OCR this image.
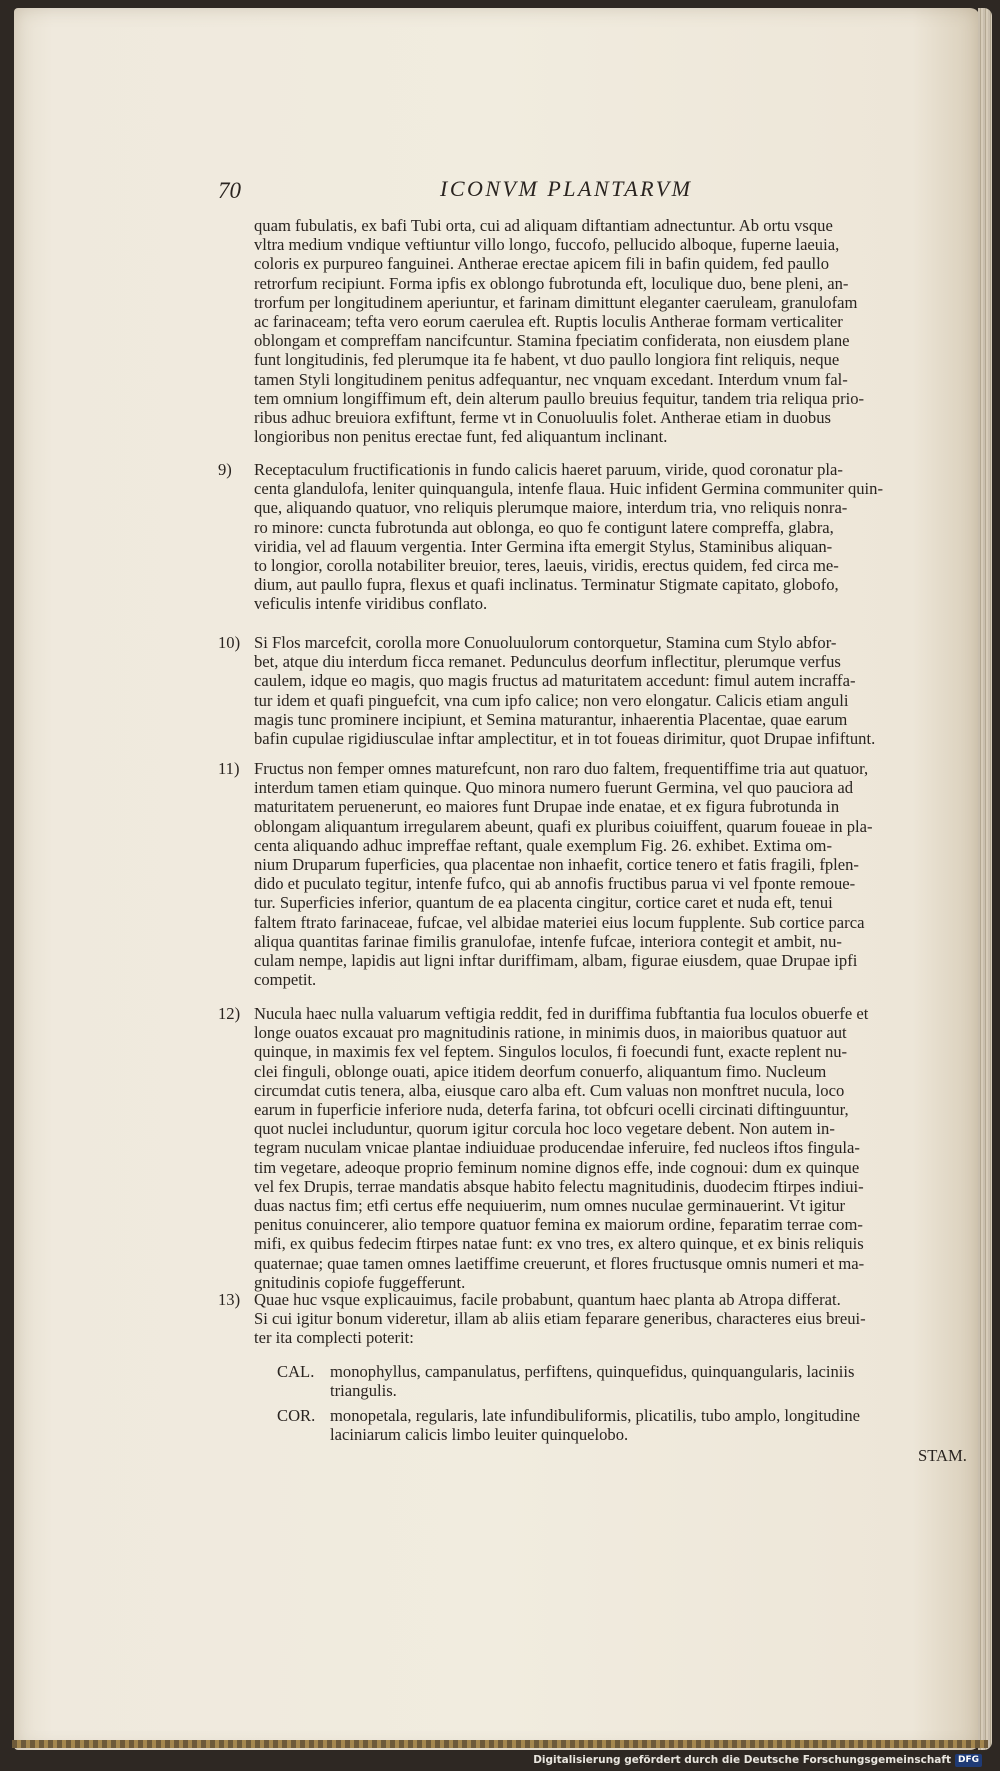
70	ICONVM PLANTARVM
quam fubulatis, ex bafi Tubi orta, cui ad aliquam diftantiam adnectuntur. Ab ortu vsque
vltra medium vndique veftiuntur villo longo, fuccofo, pellucido alboque, fuperne laeuia,
coloris ex purpureo fanguinei. Antherae erectae apicem fili in bafin quidem, fed paullo
retrorfum recipiunt. Forma ipfis ex oblongo fubrotunda eft, loculique duo, bene pleni, an-
trorfum per longitudinem aperiuntur, et farinam dimittunt eleganter caeruleam, granulofam
ac farinaceam; tefta vero eorum caerulea eft. Ruptis loculis Antherae formam verticaliter
oblongam et compreffam nancifcuntur. Stamina fpeciatim confiderata, non eiusdem plane
funt longitudinis, fed plerumque ita fe habent, vt duo paullo longiora fint reliquis, neque
tamen Styli longitudinem penitus adfequantur, nec vnquam excedant. Interdum vnum fal-
tem omnium longiffimum eft, dein alterum paullo breuius fequitur, tandem tria reliqua prio-
ribus adhuc breuiora exfiftunt, ferme vt in Conuoluulis folet. Antherae etiam in duobus
longioribus non penitus erectae funt, fed aliquantum inclinant.
9) Receptaculum fructificationis in fundo calicis haeret paruum, viride, quod coronatur pla-
centa glandulofa, leniter quinquangula, intenfe flaua. Huic infident Germina communiter quin-
que, aliquando quatuor, vno reliquis plerumque maiore, interdum tria, vno reliquis nonra-
ro minore: cuncta fubrotunda aut oblonga, eo quo fe contigunt latere compreffa, glabra,
viridia, vel ad flauum vergentia. Inter Germina ifta emergit Stylus, Staminibus aliquan-
to longior, corolla notabiliter breuior, teres, laeuis, viridis, erectus quidem, fed circa me-
dium, aut paullo fupra, flexus et quafi inclinatus. Terminatur Stigmate capitato, globofo,
veficulis intenfe viridibus conflato.
10) Si Flos marcefcit, corolla more Conuoluulorum contorquetur, Stamina cum Stylo abfor-
bet, atque diu interdum ficca remanet. Pedunculus deorfum inflectitur, plerumque verfus
caulem, idque eo magis, quo magis fructus ad maturitatem accedunt: fimul autem incraffa-
tur idem et quafi pinguefcit, vna cum ipfo calice; non vero elongatur. Calicis etiam anguli
magis tunc prominere incipiunt, et Semina maturantur, inhaerentia Placentae, quae earum
bafin cupulae rigidiusculae inftar amplectitur, et in tot foueas dirimitur, quot Drupae infiftunt.
11) Fructus non femper omnes maturefcunt, non raro duo faltem, frequentiffime tria aut quatuor,
interdum tamen etiam quinque. Quo minora numero fuerunt Germina, vel quo pauciora ad
maturitatem peruenerunt, eo maiores funt Drupae inde enatae, et ex figura fubrotunda in
oblongam aliquantum irregularem abeunt, quafi ex pluribus coiuiffent, quarum foueae in pla-
centa aliquando adhuc impreffae reftant, quale exemplum Fig. 26. exhibet. Extima om-
nium Druparum fuperficies, qua placentae non inhaefit, cortice tenero et fatis fragili, fplen-
dido et puculato tegitur, intenfe fufco, qui ab annofis fructibus parua vi vel fponte remoue-
tur. Superficies inferior, quantum de ea placenta cingitur, cortice caret et nuda eft, tenui
faltem ftrato farinaceae, fufcae, vel albidae materiei eius locum fupplente. Sub cortice parca
aliqua quantitas farinae fimilis granulofae, intenfe fufcae, interiora contegit et ambit, nu-
culam nempe, lapidis aut ligni inftar duriffimam, albam, figurae eiusdem, quae Drupae ipfi
competit.
12) Nucula haec nulla valuarum veftigia reddit, fed in duriffima fubftantia fua loculos obuerfe et
longe ouatos excauat pro magnitudinis ratione, in minimis duos, in maioribus quatuor aut
quinque, in maximis fex vel feptem. Singulos loculos, fi foecundi funt, exacte replent nu-
clei finguli, oblonge ouati, apice itidem deorfum conuerfo, aliquantum fimo. Nucleum
circumdat cutis tenera, alba, eiusque caro alba eft. Cum valuas non monftret nucula, loco
earum in fuperficie inferiore nuda, deterfa farina, tot obfcuri ocelli circinati diftinguuntur,
quot nuclei includuntur, quorum igitur corcula hoc loco vegetare debent. Non autem in-
tegram nuculam vnicae plantae indiuiduae producendae inferuire, fed nucleos iftos fingula-
tim vegetare, adeoque proprio feminum nomine dignos effe, inde cognoui: dum ex quinque
vel fex Drupis, terrae mandatis absque habito felectu magnitudinis, duodecim ftirpes indiui-
duas nactus fim; etfi certus effe nequiuerim, num omnes nuculae germinauerint. Vt igitur
penitus conuincerer, alio tempore quatuor femina ex maiorum ordine, feparatim terrae com-
mifi, ex quibus fedecim ftirpes natae funt: ex vno tres, ex altero quinque, et ex binis reliquis
quaternae; quae tamen omnes laetiffime creuerunt, et flores fructusque omnis numeri et ma-
gnitudinis copiofe fuggefferunt.
13) Quae huc vsque explicauimus, facile probabunt, quantum haec planta ab Atropa differat.
Si cui igitur bonum videretur, illam ab aliis etiam feparare generibus, characteres eius breui-
ter ita complecti poterit:
CAL. monophyllus, campanulatus, perfiftens, quinquefidus, quinquangularis, laciniis
triangulis.
COR. monopetala, regularis, late infundibuliformis, plicatilis, tubo amplo, longitudine
laciniarum calicis limbo leuiter quinquelobo.
STAM.
Digitalisierung gefördert durch die Deutsche Forschungsgemeinschaft DFG
